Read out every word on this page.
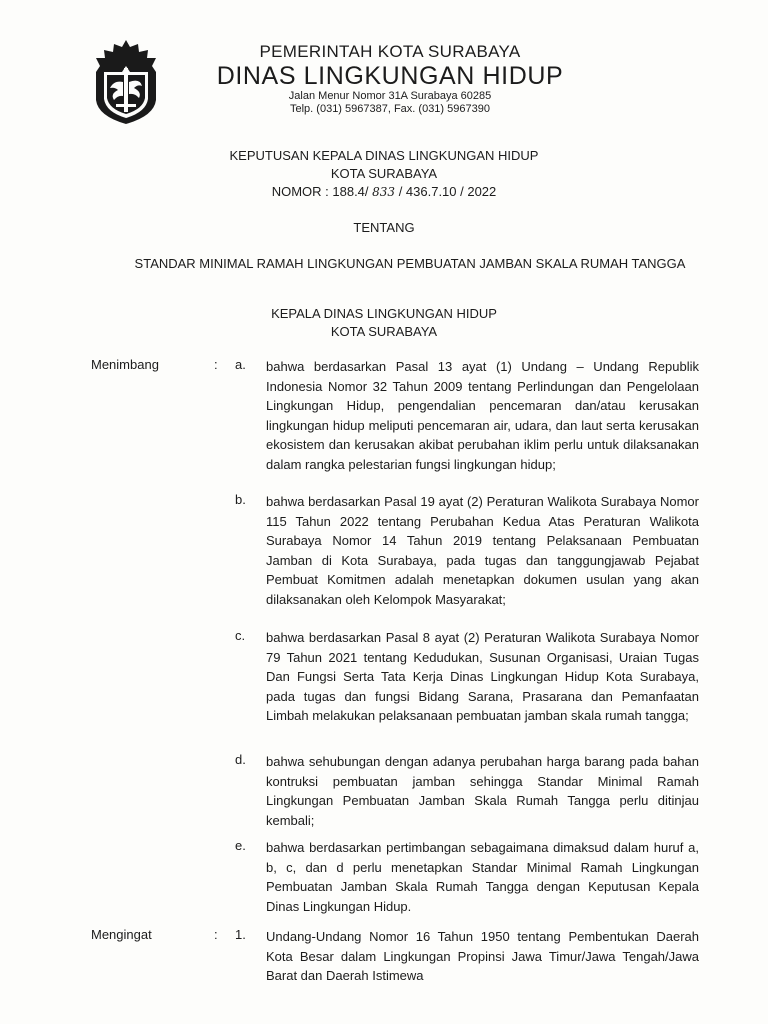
PEMERINTAH KOTA SURABAYA
DINAS LINGKUNGAN HIDUP
Jalan Menur Nomor 31A Surabaya 60285
Telp. (031) 5967387, Fax. (031) 5967390
KEPUTUSAN KEPALA DINAS LINGKUNGAN HIDUP
KOTA SURABAYA
NOMOR : 188.4/ 833 / 436.7.10 / 2022
TENTANG
STANDAR MINIMAL RAMAH LINGKUNGAN PEMBUATAN JAMBAN SKALA RUMAH TANGGA
KEPALA DINAS LINGKUNGAN HIDUP
KOTA SURABAYA
Menimbang	: a. bahwa berdasarkan Pasal 13 ayat (1) Undang – Undang Republik Indonesia Nomor 32 Tahun 2009 tentang Perlindungan dan Pengelolaan Lingkungan Hidup, pengendalian pencemaran dan/atau kerusakan lingkungan hidup meliputi pencemaran air, udara, dan laut serta kerusakan ekosistem dan kerusakan akibat perubahan iklim perlu untuk dilaksanakan dalam rangka pelestarian fungsi lingkungan hidup;
b. bahwa berdasarkan Pasal 19 ayat (2) Peraturan Walikota Surabaya Nomor 115 Tahun 2022 tentang Perubahan Kedua Atas Peraturan Walikota Surabaya Nomor 14 Tahun 2019 tentang Pelaksanaan Pembuatan Jamban di Kota Surabaya, pada tugas dan tanggungjawab Pejabat Pembuat Komitmen adalah menetapkan dokumen usulan yang akan dilaksanakan oleh Kelompok Masyarakat;
c. bahwa berdasarkan Pasal 8 ayat (2) Peraturan Walikota Surabaya Nomor 79 Tahun 2021 tentang Kedudukan, Susunan Organisasi, Uraian Tugas Dan Fungsi Serta Tata Kerja Dinas Lingkungan Hidup Kota Surabaya, pada tugas dan fungsi Bidang Sarana, Prasarana dan Pemanfaatan Limbah melakukan pelaksanaan pembuatan jamban skala rumah tangga;
d. bahwa sehubungan dengan adanya perubahan harga barang pada bahan kontruksi pembuatan jamban sehingga Standar Minimal Ramah Lingkungan Pembuatan Jamban Skala Rumah Tangga perlu ditinjau kembali;
e. bahwa berdasarkan pertimbangan sebagaimana dimaksud dalam huruf a, b, c, dan d perlu menetapkan Standar Minimal Ramah Lingkungan Pembuatan Jamban Skala Rumah Tangga dengan Keputusan Kepala Dinas Lingkungan Hidup.
Mengingat	: 1. Undang-Undang Nomor 16 Tahun 1950 tentang Pembentukan Daerah Kota Besar dalam Lingkungan Propinsi Jawa Timur/Jawa Tengah/Jawa Barat dan Daerah Istimewa
